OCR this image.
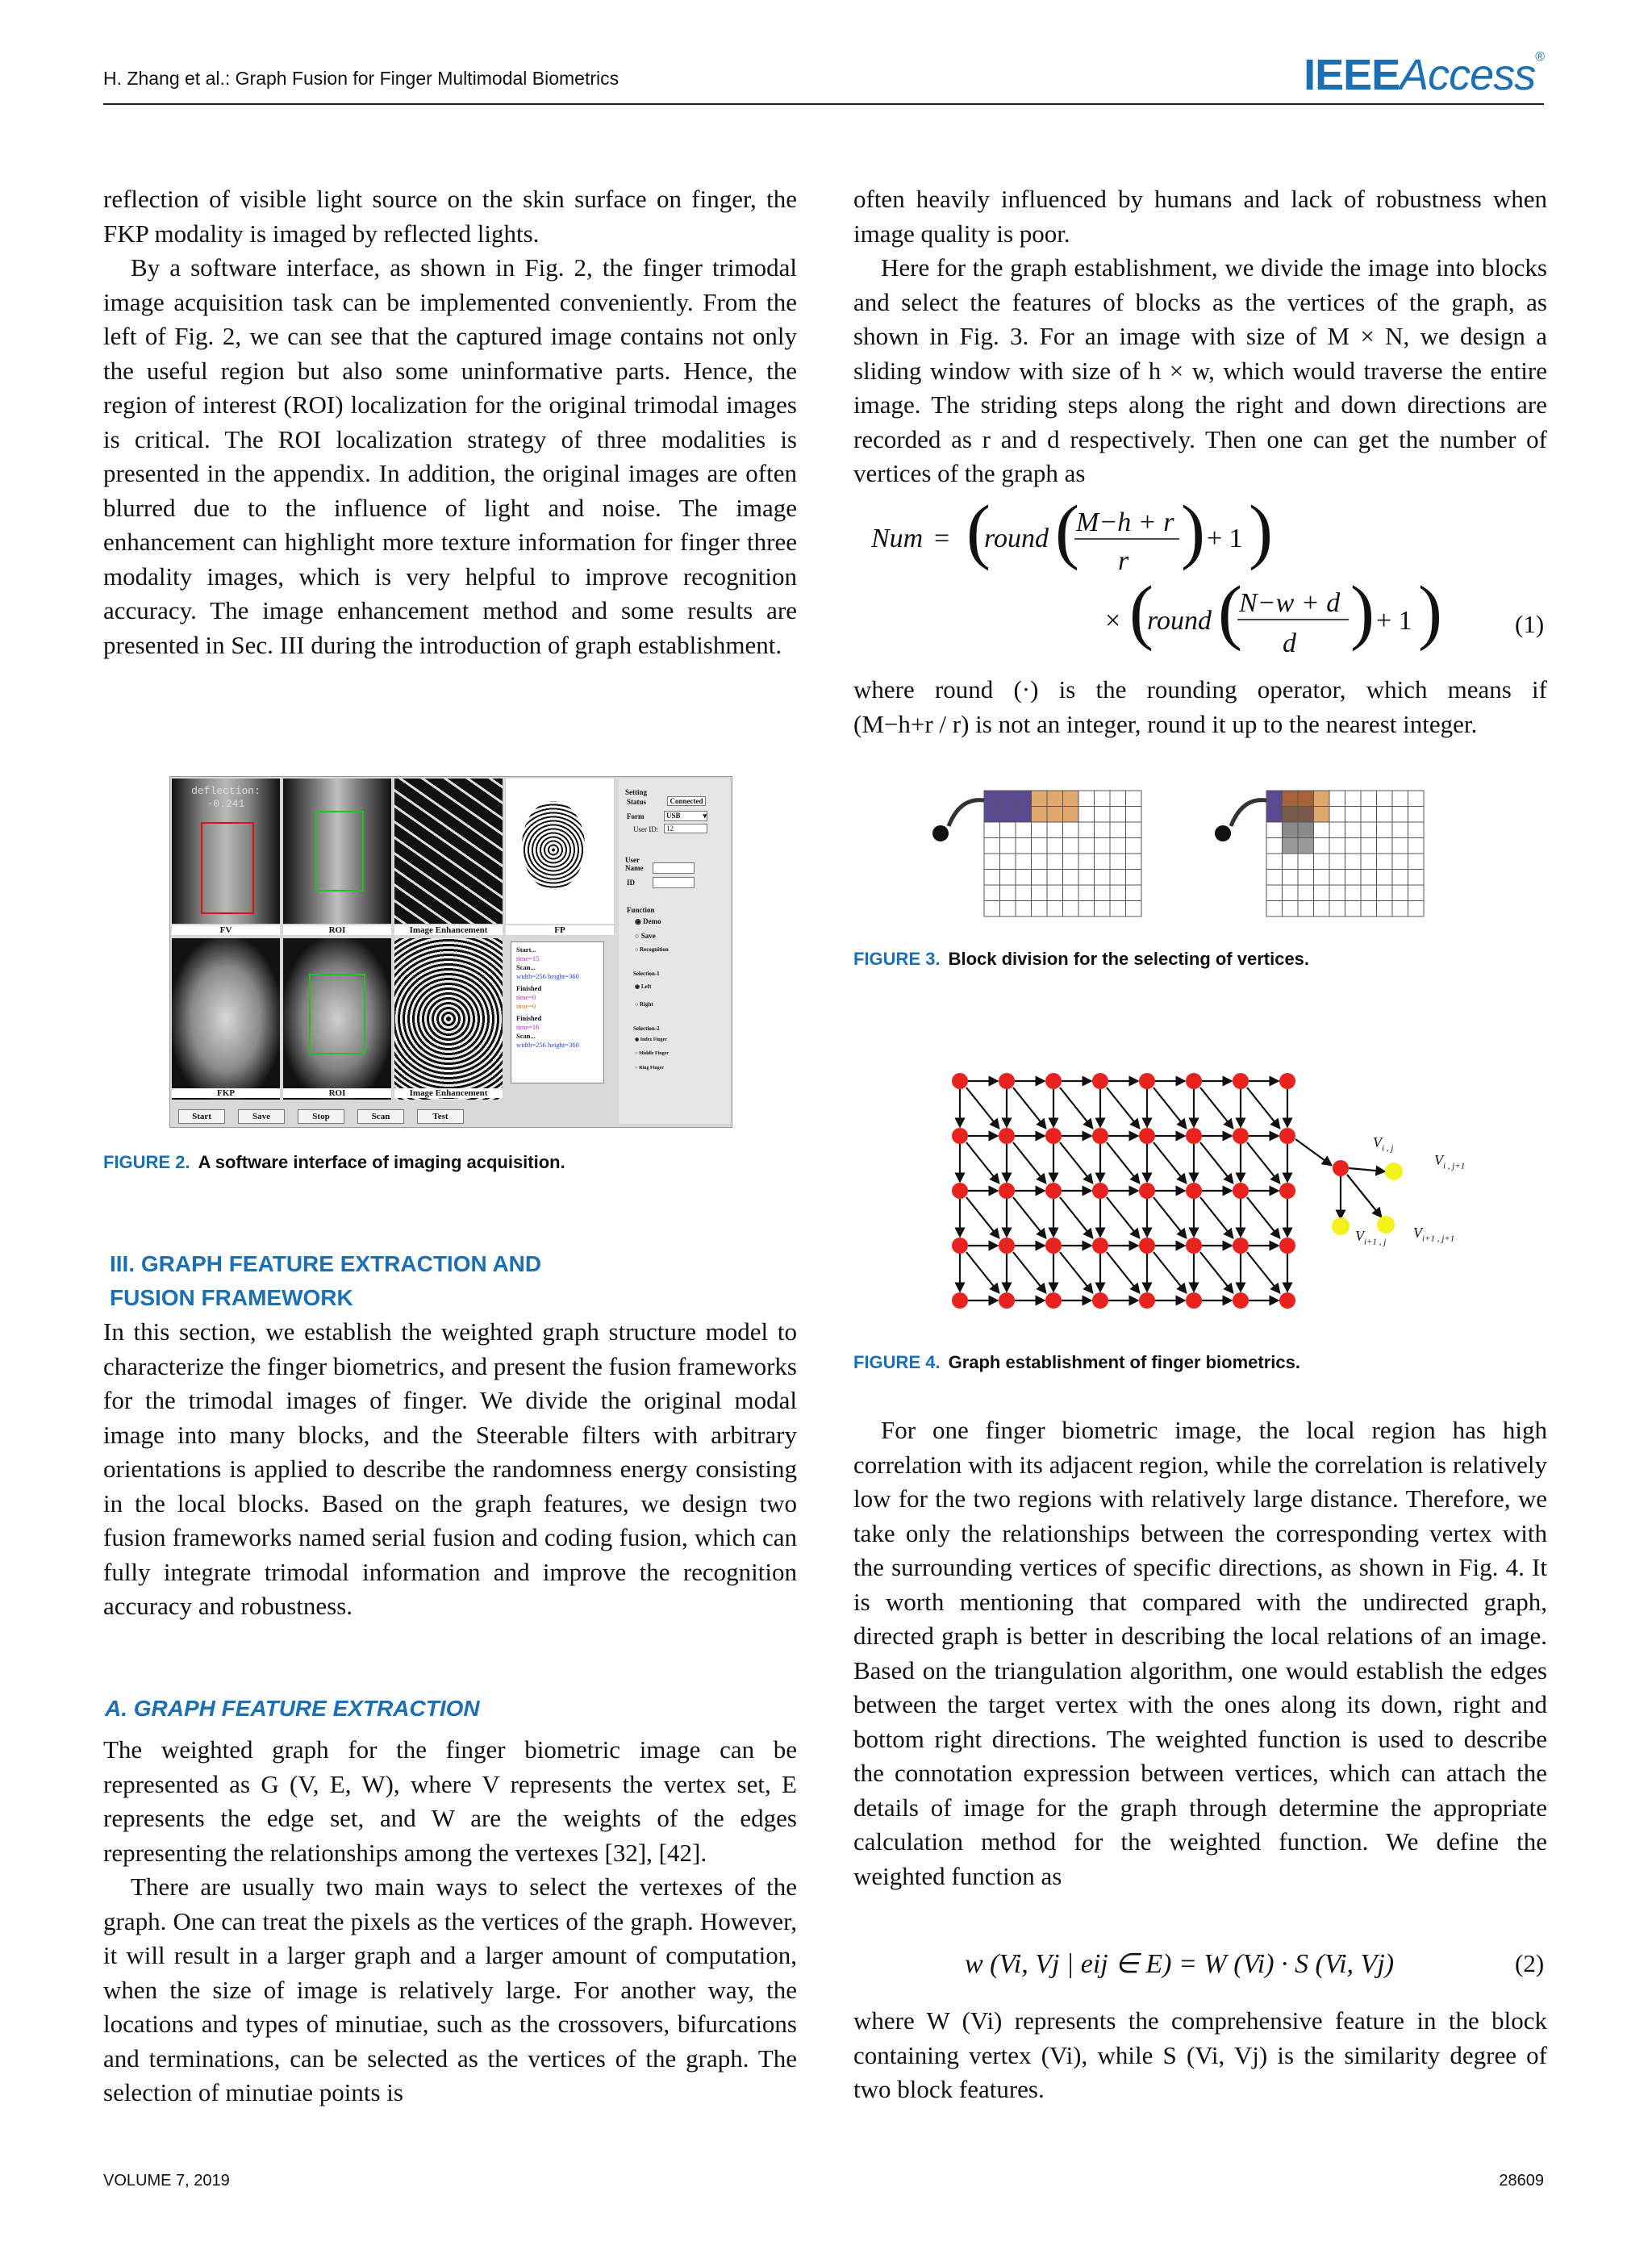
H. Zhang et al.: Graph Fusion for Finger Multimodal Biometrics	IEEEAccess®

reflection of visible light source on the skin surface on finger, the FKP modality is imaged by reflected lights.

By a software interface, as shown in Fig. 2, the finger trimodal image acquisition task can be implemented conveniently. From the left of Fig. 2, we can see that the captured image contains not only the useful region but also some uninformative parts. Hence, the region of interest (ROI) localization for the original trimodal images is critical. The ROI localization strategy of three modalities is presented in the appendix. In addition, the original images are often blurred due to the influence of light and noise. The image enhancement can highlight more texture information for finger three modality images, which is very helpful to improve recognition accuracy. The image enhancement method and some results are presented in Sec. III during the introduction of graph establishment.

deflection:
-0.241
FV	ROI	Image Enhancement	FP
FKP	ROI	Image Enhancement
Start...
time=15
Scan...
width=256 height=360
Finished
time=0
time=0
Finished
time=16
Scan...
width=256 height=360
Setting
Status	Connected
Form	USB	▾
User ID:	12
User
Name
ID
Function
◉ Demo
○ Save
○ Recognition
Selection-1
◉ Left
○ Right
Selection-2
◉ Index Finger
○ Middle Finger
○ Ring Finger
Start	Save	Stop	Scan	Test
FIGURE 2. A software interface of imaging acquisition.
III. GRAPH FEATURE EXTRACTION AND
FUSION FRAMEWORK

In this section, we establish the weighted graph structure model to characterize the finger biometrics, and present the fusion frameworks for the trimodal images of finger. We divide the original modal image into many blocks, and the Steerable filters with arbitrary orientations is applied to describe the randomness energy consisting in the local blocks. Based on the graph features, we design two fusion frameworks named serial fusion and coding fusion, which can fully integrate trimodal information and improve the recognition accuracy and robustness.

A. GRAPH FEATURE EXTRACTION

The weighted graph for the finger biometric image can be represented as G (V, E, W), where V represents the vertex set, E represents the edge set, and W are the weights of the edges representing the relationships among the vertexes [32], [42].

There are usually two main ways to select the vertexes of the graph. One can treat the pixels as the vertices of the graph. However, it will result in a larger graph and a larger amount of computation, when the size of image is relatively large. For another way, the locations and types of minutiae, such as the crossovers, bifurcations and terminations, can be selected as the vertices of the graph. The selection of minutiae points is

often heavily influenced by humans and lack of robustness when image quality is poor.

Here for the graph establishment, we divide the image into blocks and select the features of blocks as the vertices of the graph, as shown in Fig. 3. For an image with size of M × N, we design a sliding window with size of h × w, which would traverse the entire image. The striding steps along the right and down directions are recorded as r and d respectively. Then one can get the number of vertices of the graph as

Num = (
round (
M−h + r
r ) + 1 )
× (
round (
N−w + d
d ) + 1 )	(1)

where round (·) is the rounding operator, which means if

(M−h+r / r) is not an integer, round it up to the nearest integer.

FIGURE 3. Block division for the selecting of vertices.
$V_{i , j}$
$V_{i , j+1}$
$V_{i+1 , j}$
$V_{i+1 , j+1}$
FIGURE 4. Graph establishment of finger biometrics.

For one finger biometric image, the local region has high correlation with its adjacent region, while the correlation is relatively low for the two regions with relatively large distance. Therefore, we take only the relationships between the corresponding vertex with the surrounding vertices of specific directions, as shown in Fig. 4. It is worth mentioning that compared with the undirected graph, directed graph is better in describing the local relations of an image. Based on the triangulation algorithm, one would establish the edges between the target vertex with the ones along its down, right and bottom right directions. The weighted function is used to describe the connotation expression between vertices, which can attach the details of image for the graph through determine the appropriate calculation method for the weighted function. We define the weighted function as

w (Vi, Vj | eij ∈ E) = W (Vi) · S (Vi, Vj)	(2)

where W (Vi) represents the comprehensive feature in the block containing vertex (Vi), while S (Vi, Vj) is the similarity degree of two block features.

VOLUME 7, 2019	28609
